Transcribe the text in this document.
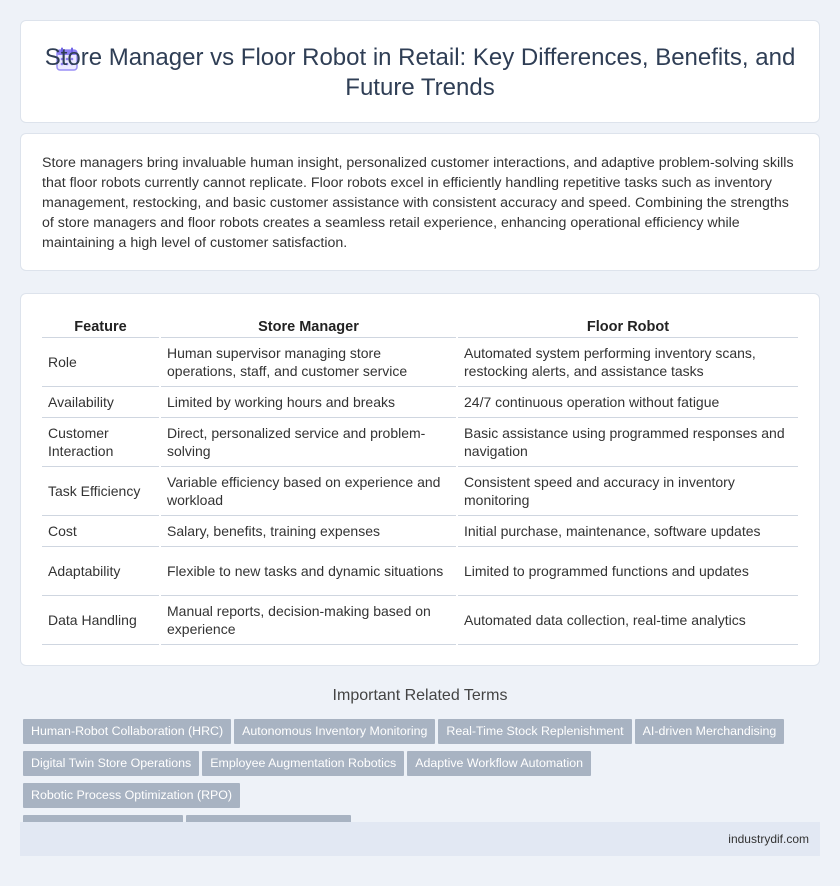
Store Manager vs Floor Robot in Retail: Key Differences, Benefits, and Future Trends

Store managers bring invaluable human insight, personalized customer interactions, and adaptive problem-solving skills that floor robots currently cannot replicate. Floor robots excel in efficiently handling repetitive tasks such as inventory management, restocking, and basic customer assistance with consistent accuracy and speed. Combining the strengths of store managers and floor robots creates a seamless retail experience, enhancing operational efficiency while maintaining a high level of customer satisfaction.

Feature	Store Manager	Floor Robot
Role	Human supervisor managing store operations, staff, and customer service	Automated system performing inventory scans, restocking alerts, and assistance tasks
Availability	Limited by working hours and breaks	24/7 continuous operation without fatigue
Customer Interaction	Direct, personalized service and problem-solving	Basic assistance using programmed responses and navigation
Task Efficiency	Variable efficiency based on experience and workload	Consistent speed and accuracy in inventory monitoring
Cost	Salary, benefits, training expenses	Initial purchase, maintenance, software updates
Adaptability	Flexible to new tasks and dynamic situations	Limited to programmed functions and updates
Data Handling	Manual reports, decision-making based on experience	Automated data collection, real-time analytics
Important Related Terms
Human-Robot Collaboration (HRC) Autonomous Inventory Monitoring Real-Time Stock Replenishment AI-driven Merchandising
Digital Twin Store Operations Employee Augmentation Robotics Adaptive Workflow AutomationRobotic Process Optimization (RPO)

industrydif.com
